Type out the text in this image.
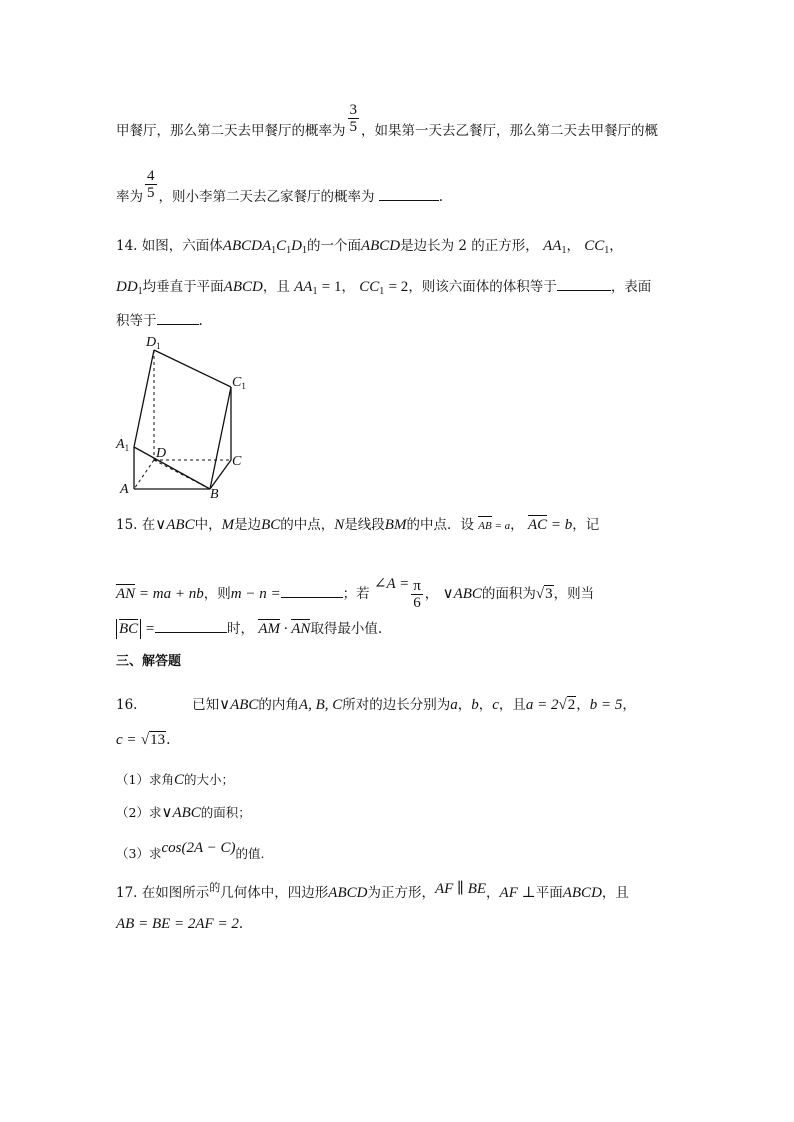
甲餐厅，那么第二天去甲餐厅的概率为 $\frac{3}{5}$ ，如果第一天去乙餐厅，那么第二天去甲餐厅的概
率为 $\frac{4}{5}$ ，则小李第二天去乙家餐厅的概率为	.
14. 如图，六面体$ABCDA_1C_1D_1$的一个面ABCD是边长为 2 的正方形， $AA_1$， $CC_1$，
$DD_1$均垂直于平面ABCD，且 $AA_1 = 1$， $CC_1 = 2$，则该六面体的体积等于	，表面
积等于	.
$D_1$
$C_1$
$A_1$ D
C
A	B
15. 在∨ABC中，M是边BC的中点，N是线段BM的中点．设 AB = a， AC = b，记
AN = ma + nb，则m − n =	；若 ∠A = $\frac{\pi}{6}$ ， ∨ABC的面积为√3，则当
BC =	时， AM · AN取得最小值.
三、解答题
16.	已知∨ABC的内角A, B, C所对的边长分别为a，b，c，且a = 2√2，b = 5，
c = √13.
（1）求角C的大小；
（2）求∨ABC的面积；
（3）求cos(2A − C)的值.
17. 在如图所示$^的$几何体中，四边形ABCD为正方形，AF ∥ BE，AF ⊥平面ABCD，且
AB = BE = 2AF = 2.
